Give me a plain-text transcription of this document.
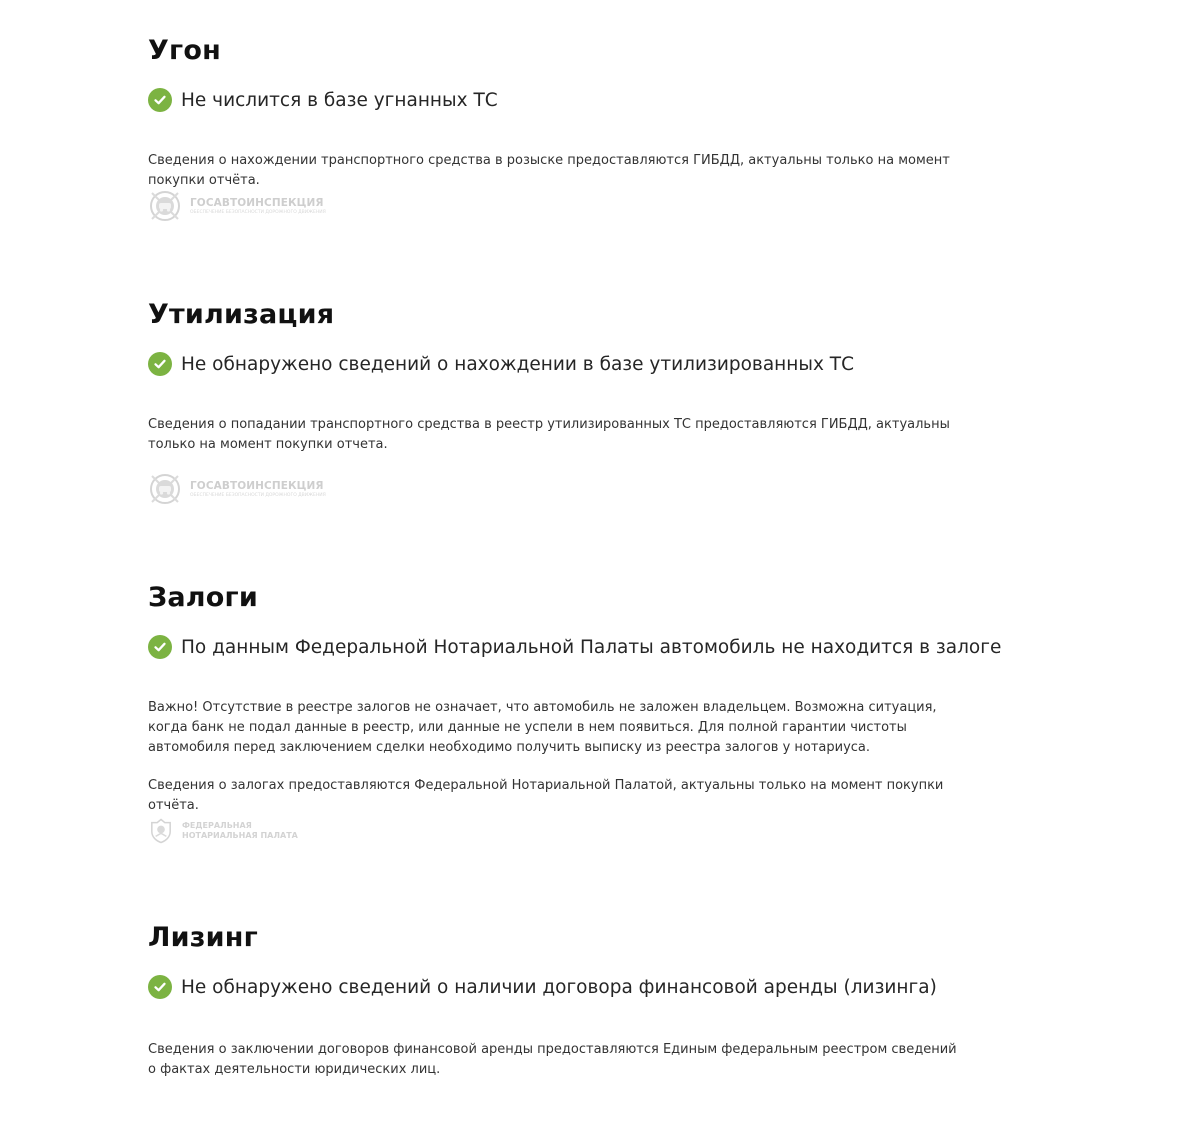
Угон
Не числится в базе угнанных ТС

Сведения о нахождении транспортного средства в розыске предоставляются ГИБДД, актуальны только на момент покупки отчёта.

ГОСАВТОИНСПЕКЦИЯ
ОБЕСПЕЧЕНИЕ БЕЗОПАСНОСТИ ДОРОЖНОГО ДВИЖЕНИЯ
Утилизация
Не обнаружено сведений о нахождении в базе утилизированных ТС

Сведения о попадании транспортного средства в реестр утилизированных ТС предоставляются ГИБДД, актуальны только на момент покупки отчета.

ГОСАВТОИНСПЕКЦИЯ
ОБЕСПЕЧЕНИЕ БЕЗОПАСНОСТИ ДОРОЖНОГО ДВИЖЕНИЯ
Залоги
По данным Федеральной Нотариальной Палаты автомобиль не находится в залоге

Важно! Отсутствие в реестре залогов не означает, что автомобиль не заложен владельцем. Возможна ситуация, когда банк не подал данные в реестр, или данные не успели в нем появиться. Для полной гарантии чистоты автомобиля перед заключением сделки необходимо получить выписку из реестра залогов у нотариуса.

Сведения о залогах предоставляются Федеральной Нотариальной Палатой, актуальны только на момент покупки отчёта.

ФЕДЕРАЛЬНАЯ
НОТАРИАЛЬНАЯ ПАЛАТА
Лизинг
Не обнаружено сведений о наличии договора финансовой аренды (лизинга)

Сведения о заключении договоров финансовой аренды предоставляются Единым федеральным реестром сведений о фактах деятельности юридических лиц.
